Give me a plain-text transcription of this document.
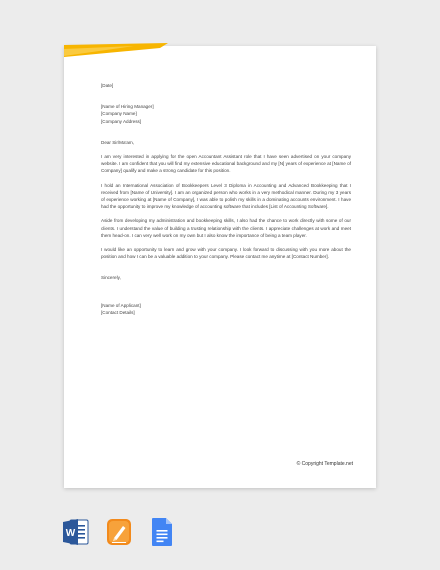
[Date]
[Name of Hiring Manager]
[Company Name]
[Company Address]
Dear Sir/Ma'am,

I am very interested in applying for the open Accountant Assistant role that I have seen advertised on your company website. I am confident that you will find my extensive educational background and my [N] years of experience at [Name of Company] qualify and make a strong candidate for this position.

I hold an International Association of Bookkeepers Level 3 Diploma in Accounting and Advanced Bookkeeping that I received from [Name of University]. I am an organized person who works in a very methodical manner. During my 3 years of experience working at [Name of Company], I was able to polish my skills in a dominating accounts environment. I have had the opportunity to improve my knowledge of accounting software that includes [List of Accounting Software].

Aside from developing my administration and bookkeeping skills, I also had the chance to work directly with some of our clients. I understand the value of building a trusting relationship with the clients. I appreciate challenges at work and meet them head-on. I can very well work on my own but I also know the importance of being a team player.

I would like an opportunity to learn and grow with your company. I look forward to discussing with you more about the position and how I can be a valuable addition to your company. Please contact me anytime at [Contact Number].

Sincerely,
[Name of Applicant]
[Contact Details]
© Copyright Template.net
W
